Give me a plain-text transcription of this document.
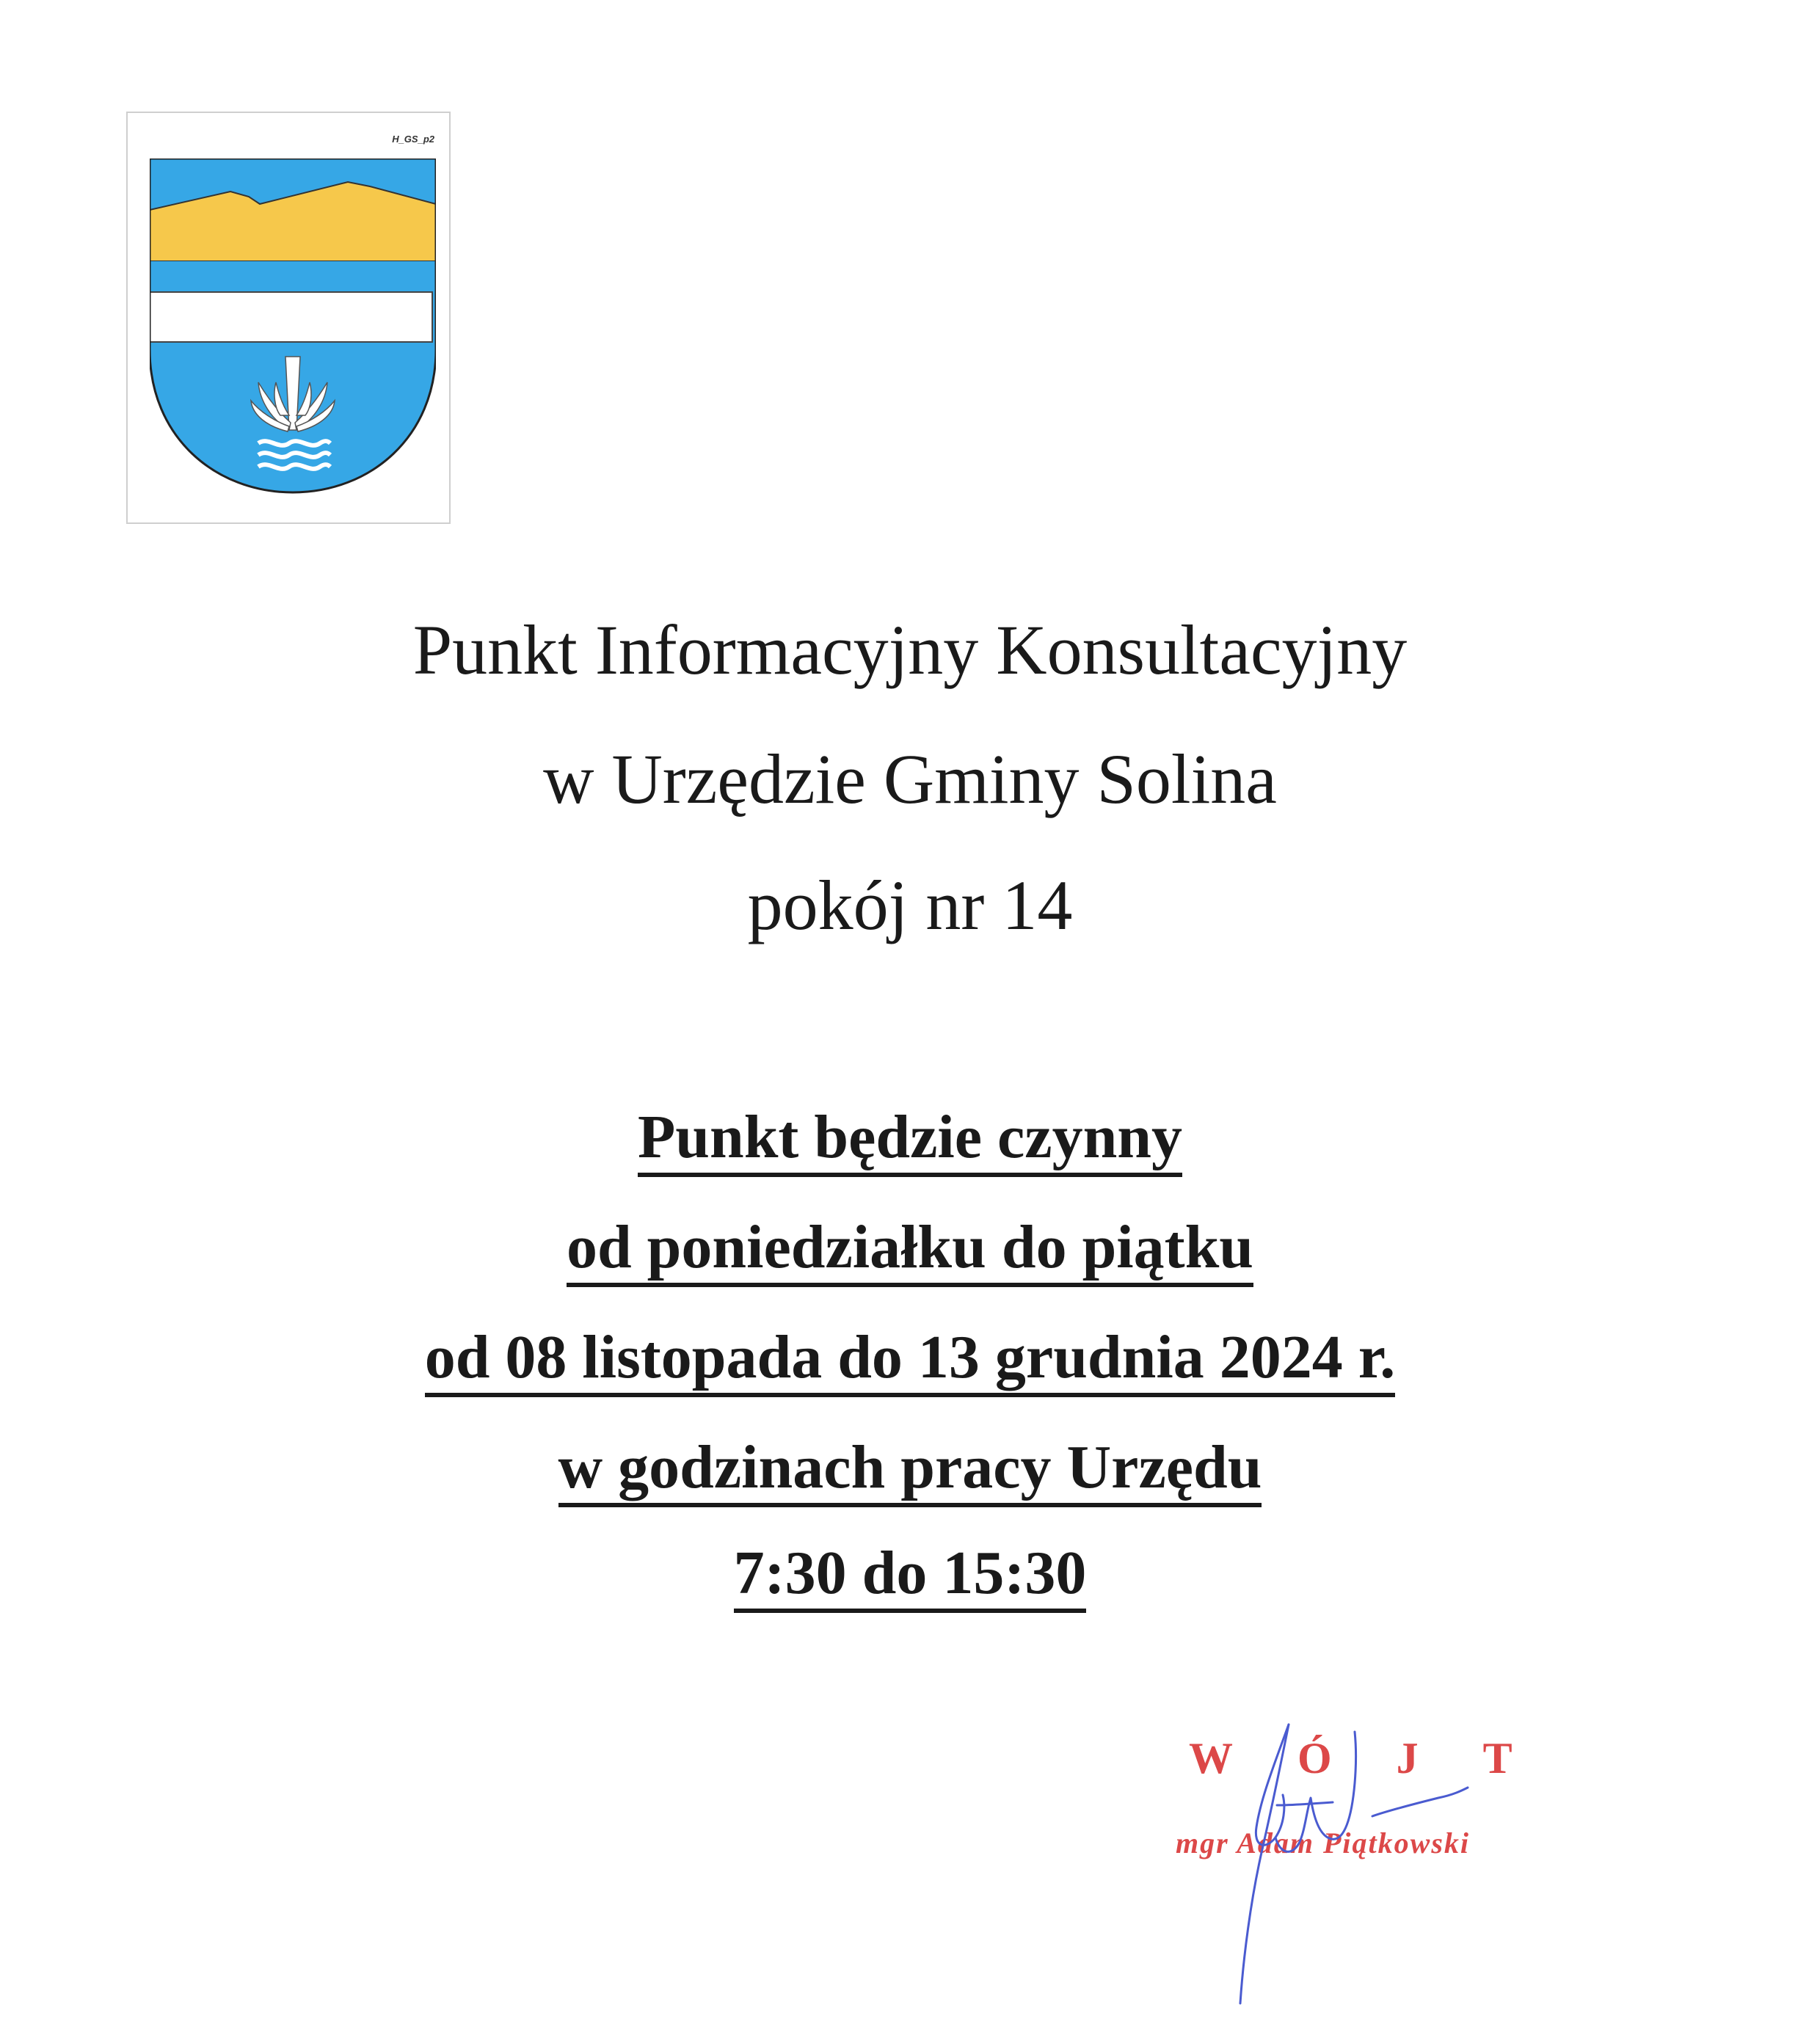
H_GS_p2
Punkt Informacyjny Konsultacyjny
w Urzędzie Gminy Solina
pokój nr 14
Punkt będzie czynny
od poniedziałku do piątku
od 08 listopada do 13 grudnia 2024 r.
w godzinach pracy Urzędu
7:30 do 15:30
WÓJT
mgr Adam Piątkowski
